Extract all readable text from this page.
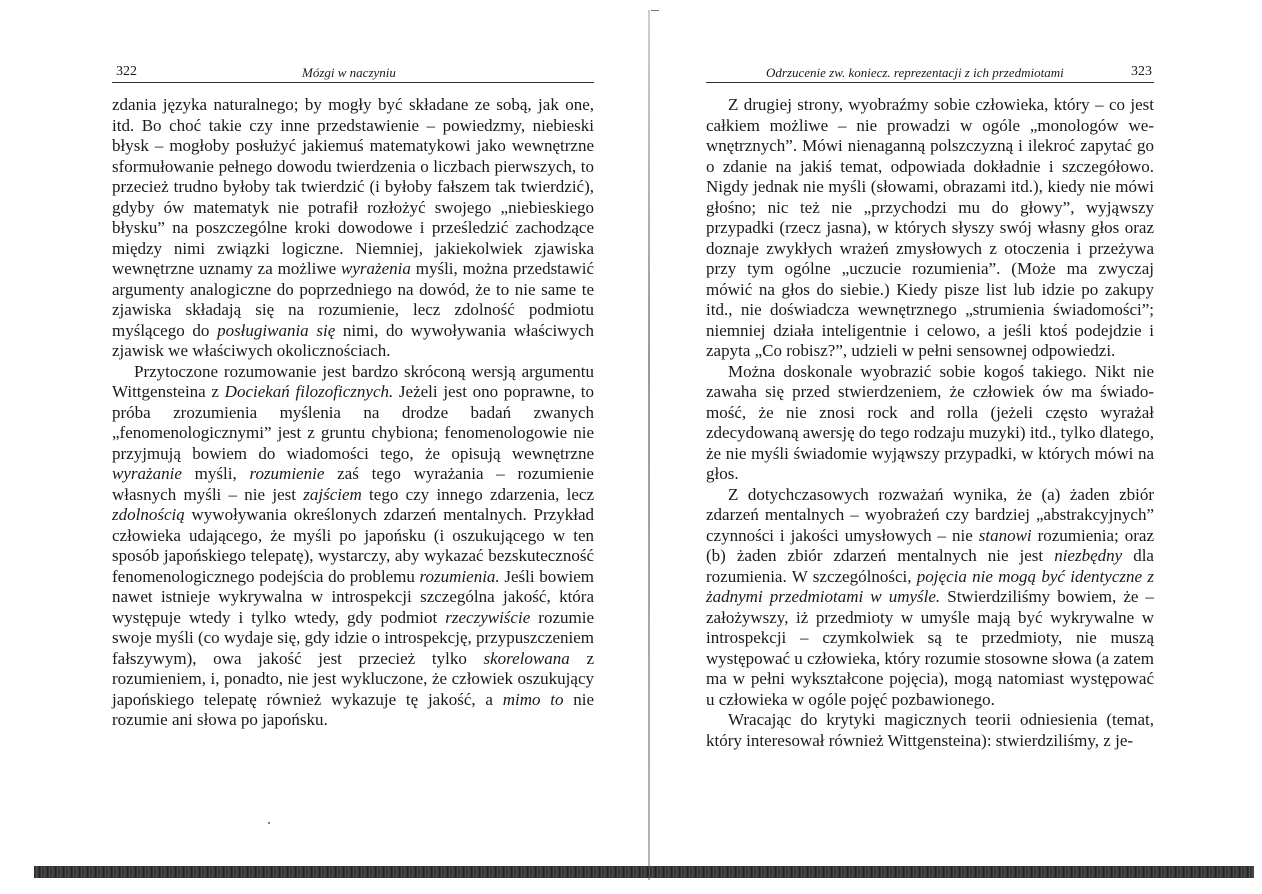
322	Mózgi w naczyniu

zdania języka naturalnego; by mogły być składane ze sobą, jak one, itd. Bo choć takie czy inne przedstawienie – powiedzmy, niebieski błysk – mogłoby posłużyć jakiemuś matematykowi jako wewnętrzne sformułowanie pełnego dowodu twierdzenia o liczbach pierwszych, to przecież trudno byłoby tak twierdzić (i byłoby fałszem tak twierdzić), gdyby ów matematyk nie potrafił rozłożyć swojego „niebieskiego błysku” na poszczególne kroki dowodowe i prześledzić zachodzące między nimi związki logiczne. Niemniej, jakiekolwiek zjawiska wewnętrzne uznamy za możliwe wyrażenia myśli, można przedstawić argumenty analogiczne do poprzedniego na dowód, że to nie same te zjawiska składają się na rozumienie, lecz zdolność podmiotu myślącego do posługiwania się nimi, do wywoływania właściwych zjawisk we właściwych okolicznościach.

Przytoczone rozumowanie jest bardzo skróconą wersją argumentu Wittgensteina z Dociekań filozoficznych. Jeżeli jest ono poprawne, to próba zrozumienia myślenia na drodze badań zwanych „fenomenologicznymi” jest z gruntu chybiona; fenomenologowie nie przyjmują bowiem do wiadomości tego, że opisują wewnętrzne wyrażanie myśli, rozumienie zaś tego wyrażania – rozumienie własnych myśli – nie jest zajściem tego czy innego zdarzenia, lecz zdolnością wywoływania określonych zdarzeń mentalnych. Przykład człowieka udającego, że myśli po japońsku (i oszukującego w ten sposób japońskiego telepatę), wystarczy, aby wykazać bezskuteczność fenomenologicznego podejścia do problemu rozumienia. Jeśli bowiem nawet istnieje wykrywalna w introspekcji szczególna jakość, która występuje wtedy i tylko wtedy, gdy podmiot rzeczywiście rozumie swoje myśli (co wydaje się, gdy idzie o introspekcję, przypuszczeniem fałszywym), owa jakość jest przecież tylko skorelowana z rozumieniem, i, ponadto, nie jest wykluczone, że człowiek oszukujący japońskiego telepatę również wykazuje tę jakość, a mimo to nie rozumie ani słowa po japońsku.

Odrzucenie zw. koniecz. reprezentacji z ich przedmiotami	323

Z drugiej strony, wyobraźmy sobie człowieka, który – co jest całkiem możliwe – nie prowadzi w ogóle „monologów wewnętrznych”. Mówi nienaganną polszczyzną i ilekroć zapytać go o zdanie na jakiś temat, odpowiada dokładnie i szczegółowo. Nigdy jednak nie myśli (słowami, obrazami itd.), kiedy nie mówi głośno; nic też nie „przychodzi mu do głowy”, wyjąwszy przypadki (rzecz jasna), w których słyszy swój własny głos oraz doznaje zwykłych wrażeń zmysłowych z otoczenia i przeżywa przy tym ogólne „uczucie rozumienia”. (Może ma zwyczaj mówić na głos do siebie.) Kiedy pisze list lub idzie po zakupy itd., nie doświadcza wewnętrznego „strumienia świadomości”; niemniej działa inteligentnie i celowo, a jeśli ktoś podejdzie i zapyta „Co robisz?”, udzieli w pełni sensownej odpowiedzi.

Można doskonale wyobrazić sobie kogoś takiego. Nikt nie zawaha się przed stwierdzeniem, że człowiek ów ma świadomość, że nie znosi rock and rolla (jeżeli często wyrażał zdecydowaną awersję do tego rodzaju muzyki) itd., tylko dlatego, że nie myśli świadomie wyjąwszy przypadki, w których mówi na głos.

Z dotychczasowych rozważań wynika, że (a) żaden zbiór zdarzeń mentalnych – wyobrażeń czy bardziej „abstrakcyjnych” czynności i jakości umysłowych – nie stanowi rozumienia; oraz (b) żaden zbiór zdarzeń mentalnych nie jest niezbędny dla rozumienia. W szczególności, pojęcia nie mogą być identyczne z żadnymi przedmiotami w umyśle. Stwierdziliśmy bowiem, że – założywszy, iż przedmioty w umyśle mają być wykrywalne w introspekcji – czymkolwiek są te przedmioty, nie muszą występować u człowieka, który rozumie stosowne słowa (a zatem ma w pełni wykształcone pojęcia), mogą natomiast występować u człowieka w ogóle pojęć pozbawionego.

Wracając do krytyki magicznych teorii odniesienia (temat, który interesował również Wittgensteina): stwierdziliśmy, z je-
